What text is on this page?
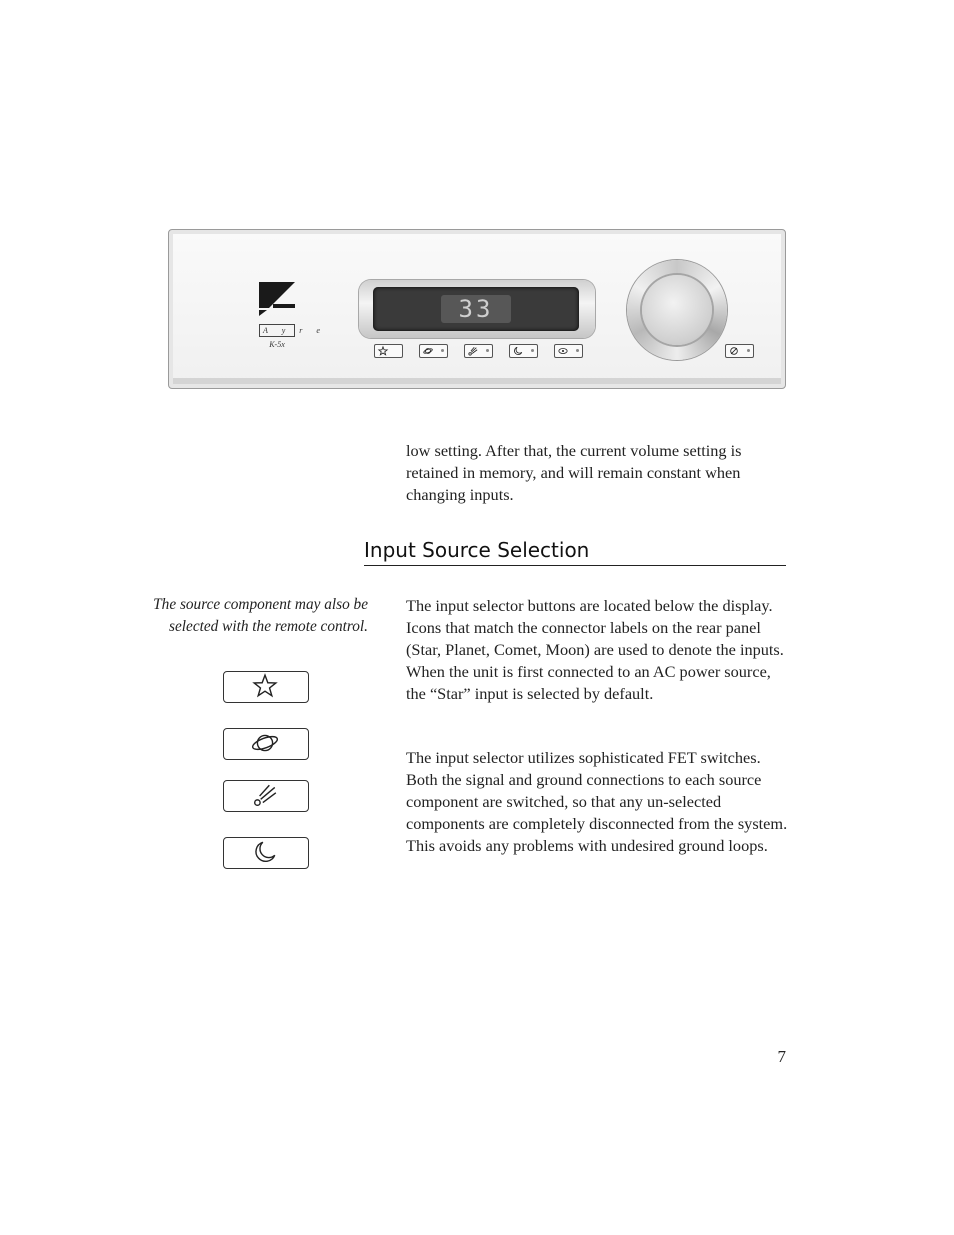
A y r e
K-5x
33

low setting. After that, the current volume setting is retained in memory, and will remain constant when changing inputs.

Input Source Selection

The source component may also be selected with the remote control.

The input selector buttons are located below the display. Icons that match the connector labels on the rear panel (Star, Planet, Comet, Moon) are used to denote the inputs. When the unit is first connected to an AC power source, the “Star” input is selected by default.

The input selector utilizes sophisticated FET switches. Both the signal and ground connections to each source component are switched, so that any un-selected components are completely disconnected from the system. This avoids any problems with undesired ground loops.

7
